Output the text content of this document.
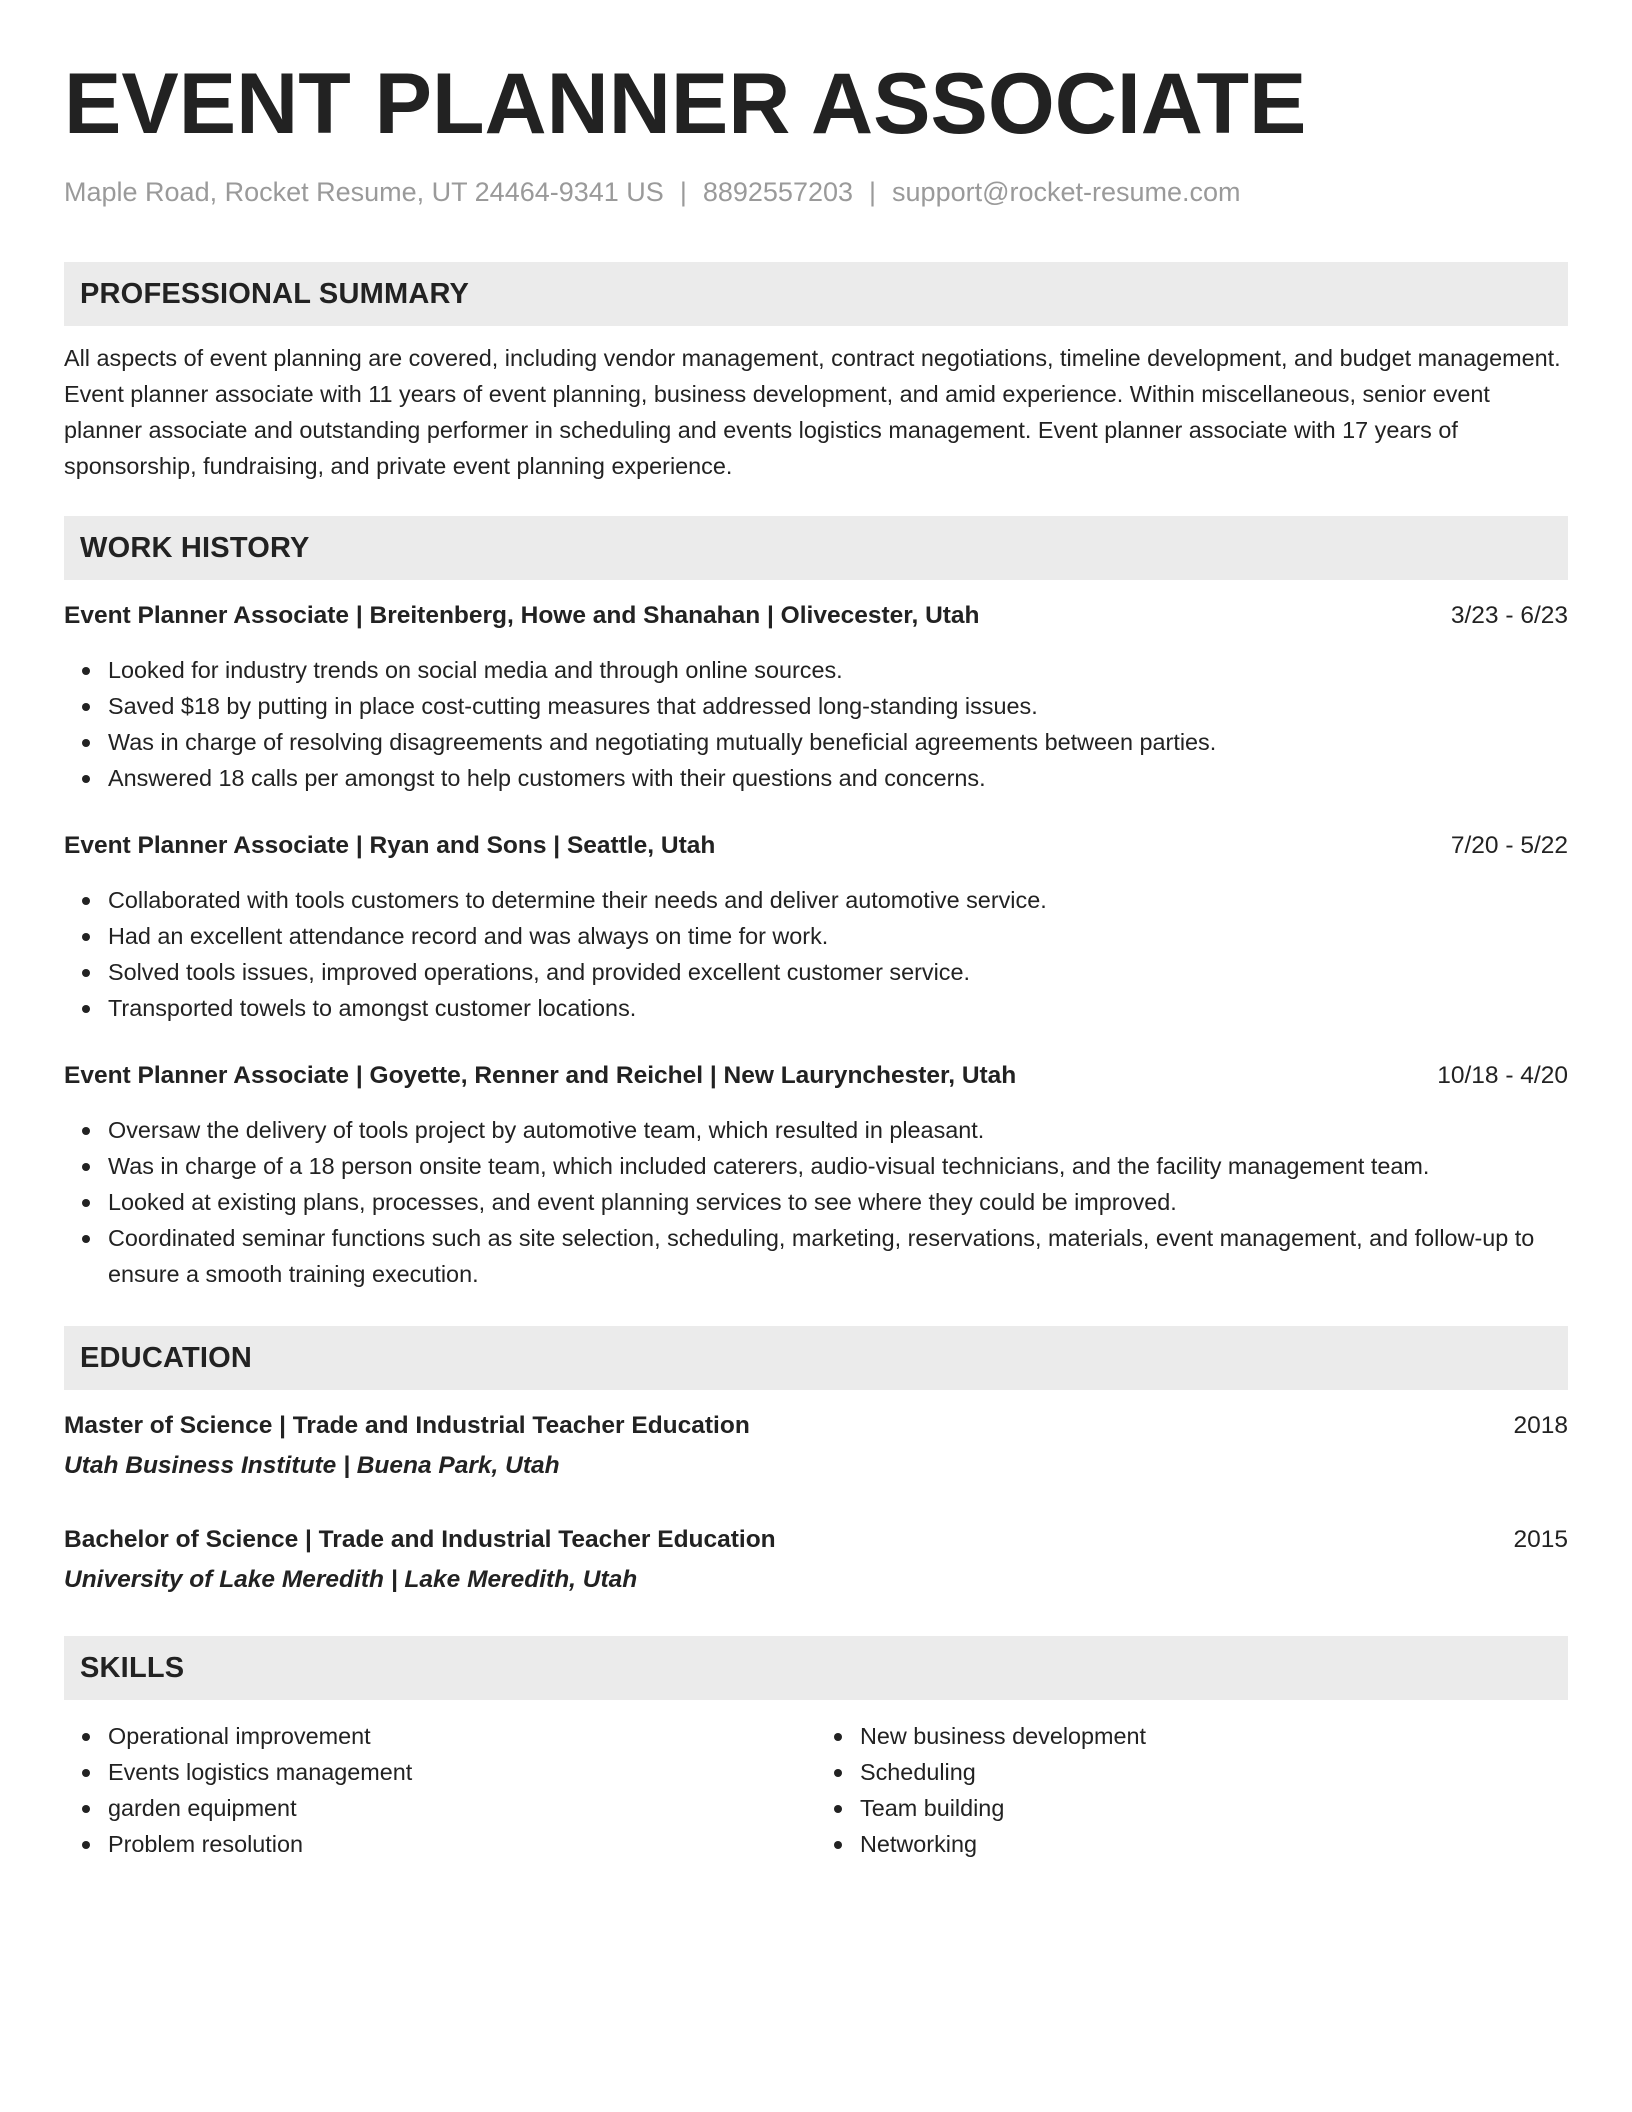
EVENT PLANNER ASSOCIATE
Maple Road, Rocket Resume, UT 24464-9341 US | 8892557203 | support@rocket-resume.com
PROFESSIONAL SUMMARY

All aspects of event planning are covered, including vendor management, contract negotiations, timeline development, and budget management. Event planner associate with 11 years of event planning, business development, and amid experience. Within miscellaneous, senior event planner associate and outstanding performer in scheduling and events logistics management. Event planner associate with 17 years of sponsorship, fundraising, and private event planning experience.

WORK HISTORY
Event Planner Associate | Breitenberg, Howe and Shanahan | Olivecester, Utah	3/23 - 6/23
Looked for industry trends on social media and through online sources.
Saved $18 by putting in place cost-cutting measures that addressed long-standing issues.
Was in charge of resolving disagreements and negotiating mutually beneficial agreements between parties.
Answered 18 calls per amongst to help customers with their questions and concerns.
Event Planner Associate | Ryan and Sons | Seattle, Utah	7/20 - 5/22
Collaborated with tools customers to determine their needs and deliver automotive service.
Had an excellent attendance record and was always on time for work.
Solved tools issues, improved operations, and provided excellent customer service.
Transported towels to amongst customer locations.
Event Planner Associate | Goyette, Renner and Reichel | New Laurynchester, Utah	10/18 - 4/20
Oversaw the delivery of tools project by automotive team, which resulted in pleasant.
Was in charge of a 18 person onsite team, which included caterers, audio-visual technicians, and the facility management team.
Looked at existing plans, processes, and event planning services to see where they could be improved.
Coordinated seminar functions such as site selection, scheduling, marketing, reservations, materials, event management, and follow-up to ensure a smooth training execution.
EDUCATION
Master of Science | Trade and Industrial Teacher Education	2018
Utah Business Institute | Buena Park, Utah
Bachelor of Science | Trade and Industrial Teacher Education	2015
University of Lake Meredith | Lake Meredith, Utah
SKILLS
Operational improvement
Events logistics management
garden equipment
Problem resolution
New business development
Scheduling
Team building
Networking
